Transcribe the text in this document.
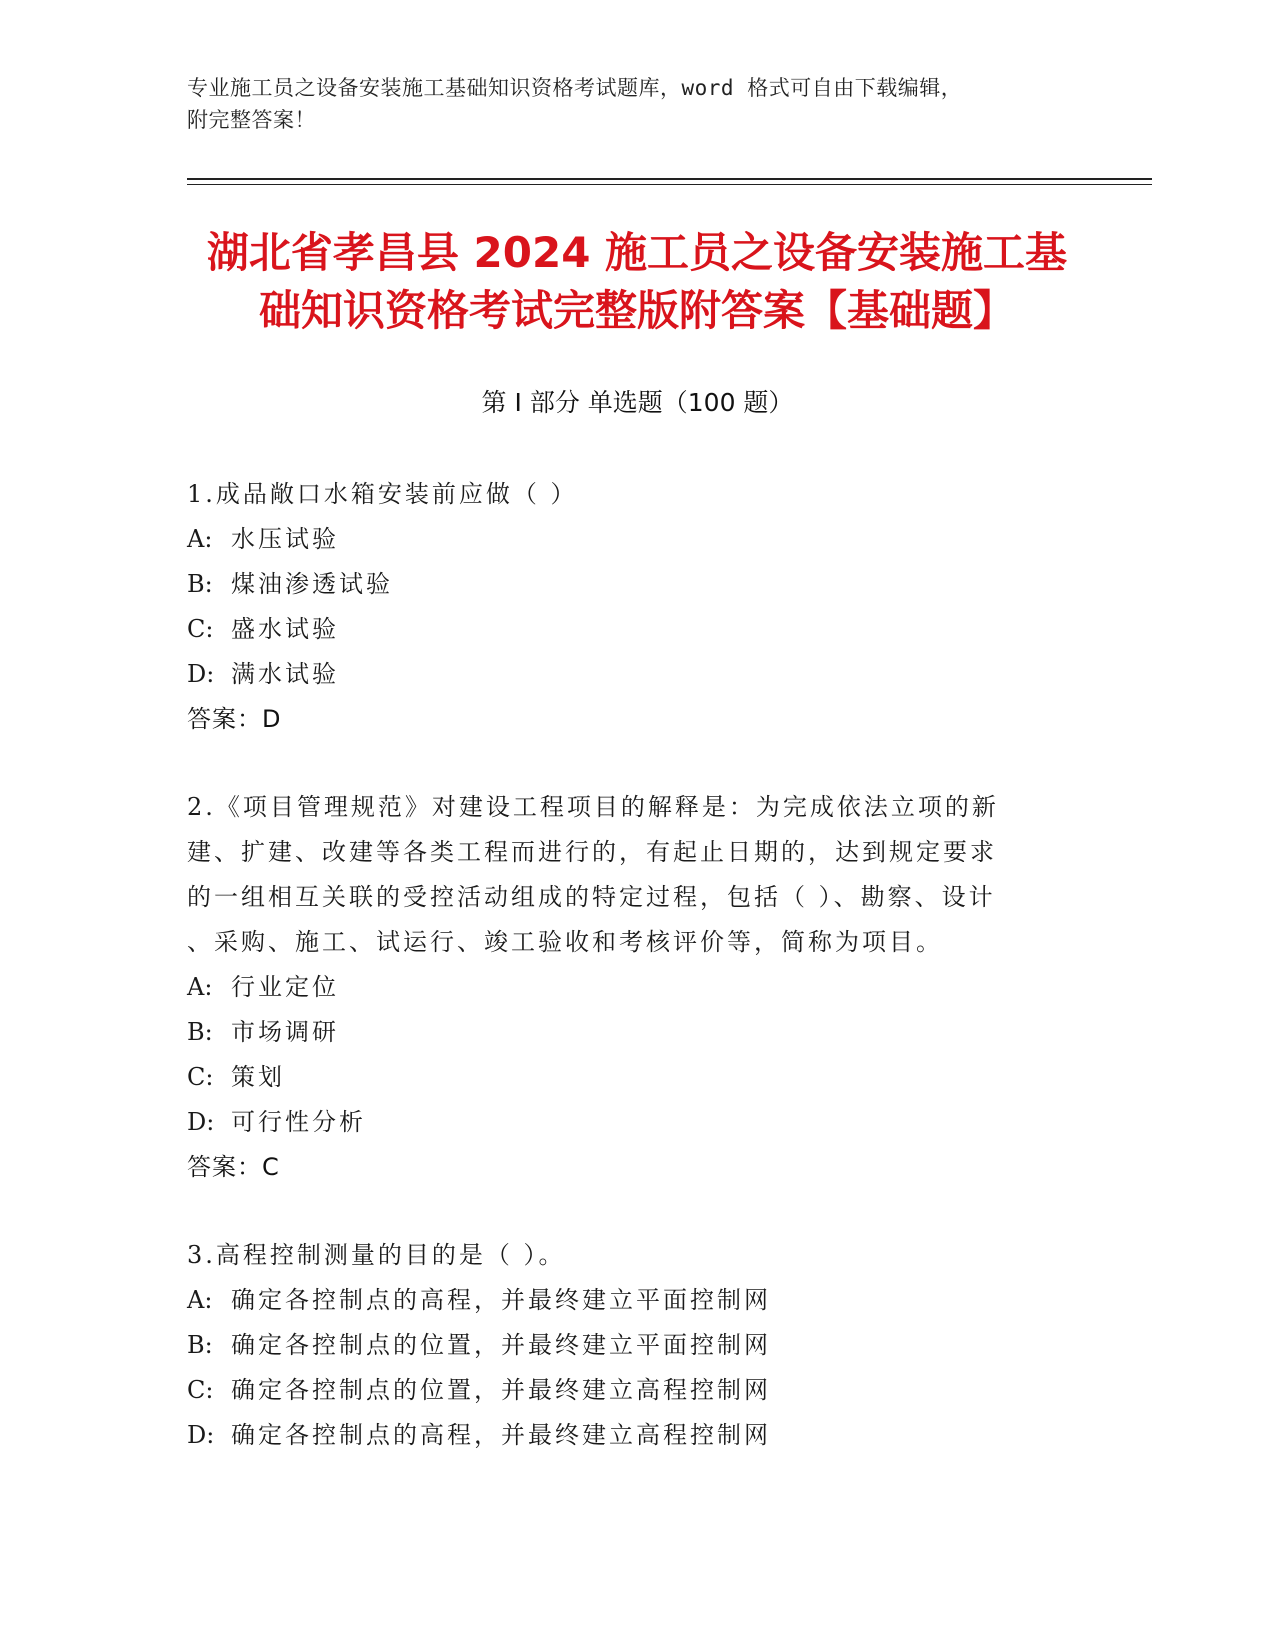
专业施工员之设备安装施工基础知识资格考试题库，word 格式可自由下载编辑，
附完整答案！
湖北省孝昌县 2024 施工员之设备安装施工基
础知识资格考试完整版附答案【基础题】
第 I 部分 单选题（100 题）
1.成品敞口水箱安装前应做（ ）
A: 水压试验
B: 煤油渗透试验
C: 盛水试验
D: 满水试验
答案：D
2.《项目管理规范》对建设工程项目的解释是：为完成依法立项的新
建、扩建、改建等各类工程而进行的，有起止日期的，达到规定要求
的一组相互关联的受控活动组成的特定过程，包括（ ）、勘察、设计
、采购、施工、试运行、竣工验收和考核评价等，简称为项目。
A: 行业定位
B: 市场调研
C: 策划
D: 可行性分析
答案：C
3.高程控制测量的目的是（ ）。
A: 确定各控制点的高程，并最终建立平面控制网
B: 确定各控制点的位置，并最终建立平面控制网
C: 确定各控制点的位置，并最终建立高程控制网
D: 确定各控制点的高程，并最终建立高程控制网
